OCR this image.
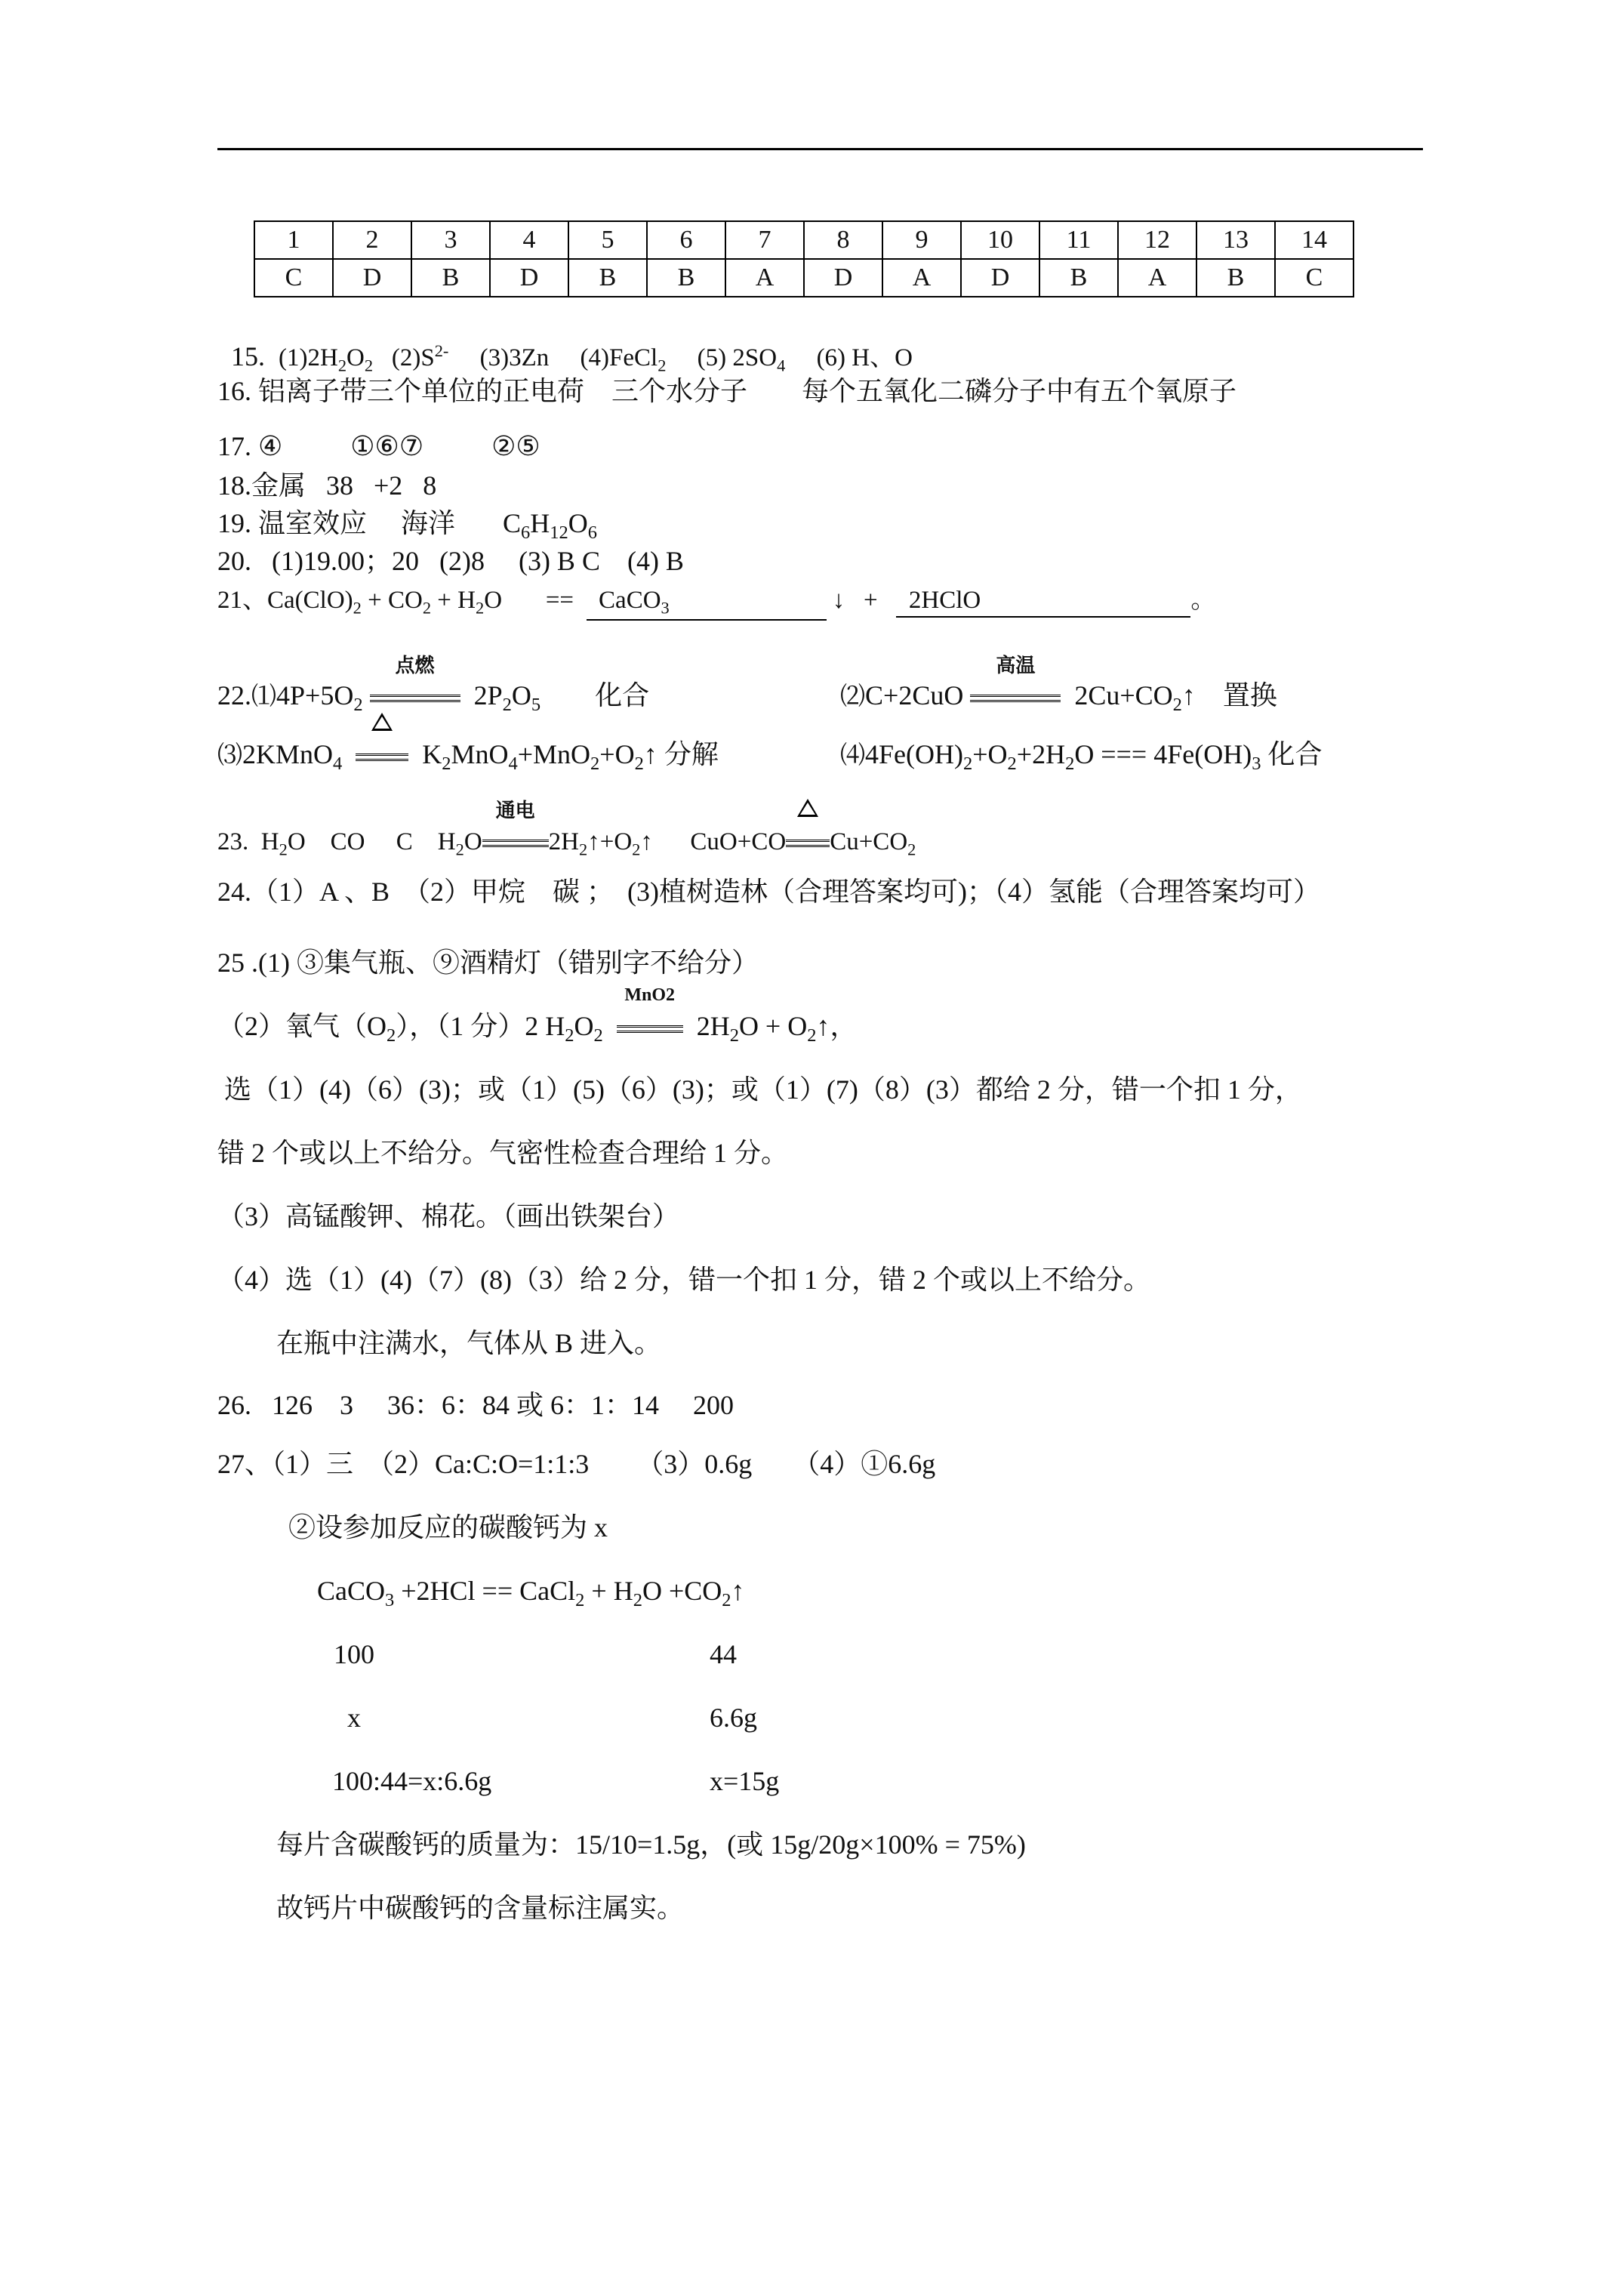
1	2	3	4	5	6	7	8	9	10	11	12	13	14
C	D	B	D	B	B	A	D	A	D	B	A	B	C

15. $(1)2H_2O_2$ $(2)S^{2-}$ (3)3Zn (4)FeCl$_2$ (5) $2SO_4$ (6) H、O

16. 铝离子带三个单位的正电荷    三个水分子        每个五氧化二磷分子中有五个氧原子
17. ④          ①⑥⑦          ②⑤
18.金属   38   +2   8
19. 温室效应     海洋       $C_6H_{12}O_6$
20.   (1)19.00；20   (2)8     (3) B C    (4) B
21、$Ca(ClO)_2 + CO_2 + H_2O$ == CaCO$_3$	↓ + 2HClO	。
$22.⑴4P+5O_2$
点燃
$2P_2O_5$ 化合	⑵C+2CuO
高温
$2Cu+CO_2↑$ 置换
⑶2KMnO$_4$	$K_2MnO_4+MnO_2+O_2↑$ 分解	$⑷4Fe(OH)_2+O_2+2H_2O$ === $4Fe(OH)_3$ 化合
23.  $H_2O$    CO     C    $H_2O$
通电
$2H_2↑+O_2↑$ CuO+CO $Cu+CO_2$
24.（1）A 、B  （2）甲烷    碳 ；  (3)植树造林（合理答案均可)；（4）氢能（合理答案均可）
25 .(1) ③集气瓶、⑨酒精灯（错别字不给分）
（2）氧气$(O_2)$，（1 分）2 $H_2O_2$
MnO2
$2H_2O$ + $O_2↑$，
选（1）(4)（6）(3)；或（1）(5)（6）(3)；或（1）(7)（8）(3）都给 2 分，错一个扣 1 分，
错 2 个或以上不给分。气密性检查合理给 1 分。
（3）高锰酸钾、棉花。（画出铁架台）
（4）选（1）(4)（7）(8)（3）给 2 分，错一个扣 1 分，错 2 个或以上不给分。
在瓶中注满水，气体从 B 进入。
26.   126    3     36：6：84 或 6：1：14     200
27、（1）三  （2）Ca:C:O=1:1:3       （3）0.6g      （4）①6.6g
②设参加反应的碳酸钙为 x
CaCO$_3$ +2HCl == CaCl$_2$ + $H_2O$ $+CO_2↑$
100	44
x	6.6g
100:44=x:6.6g	x=15g
每片含碳酸钙的质量为：15/10=1.5g，(或 15g/20g×100% = 75%)
故钙片中碳酸钙的含量标注属实。
